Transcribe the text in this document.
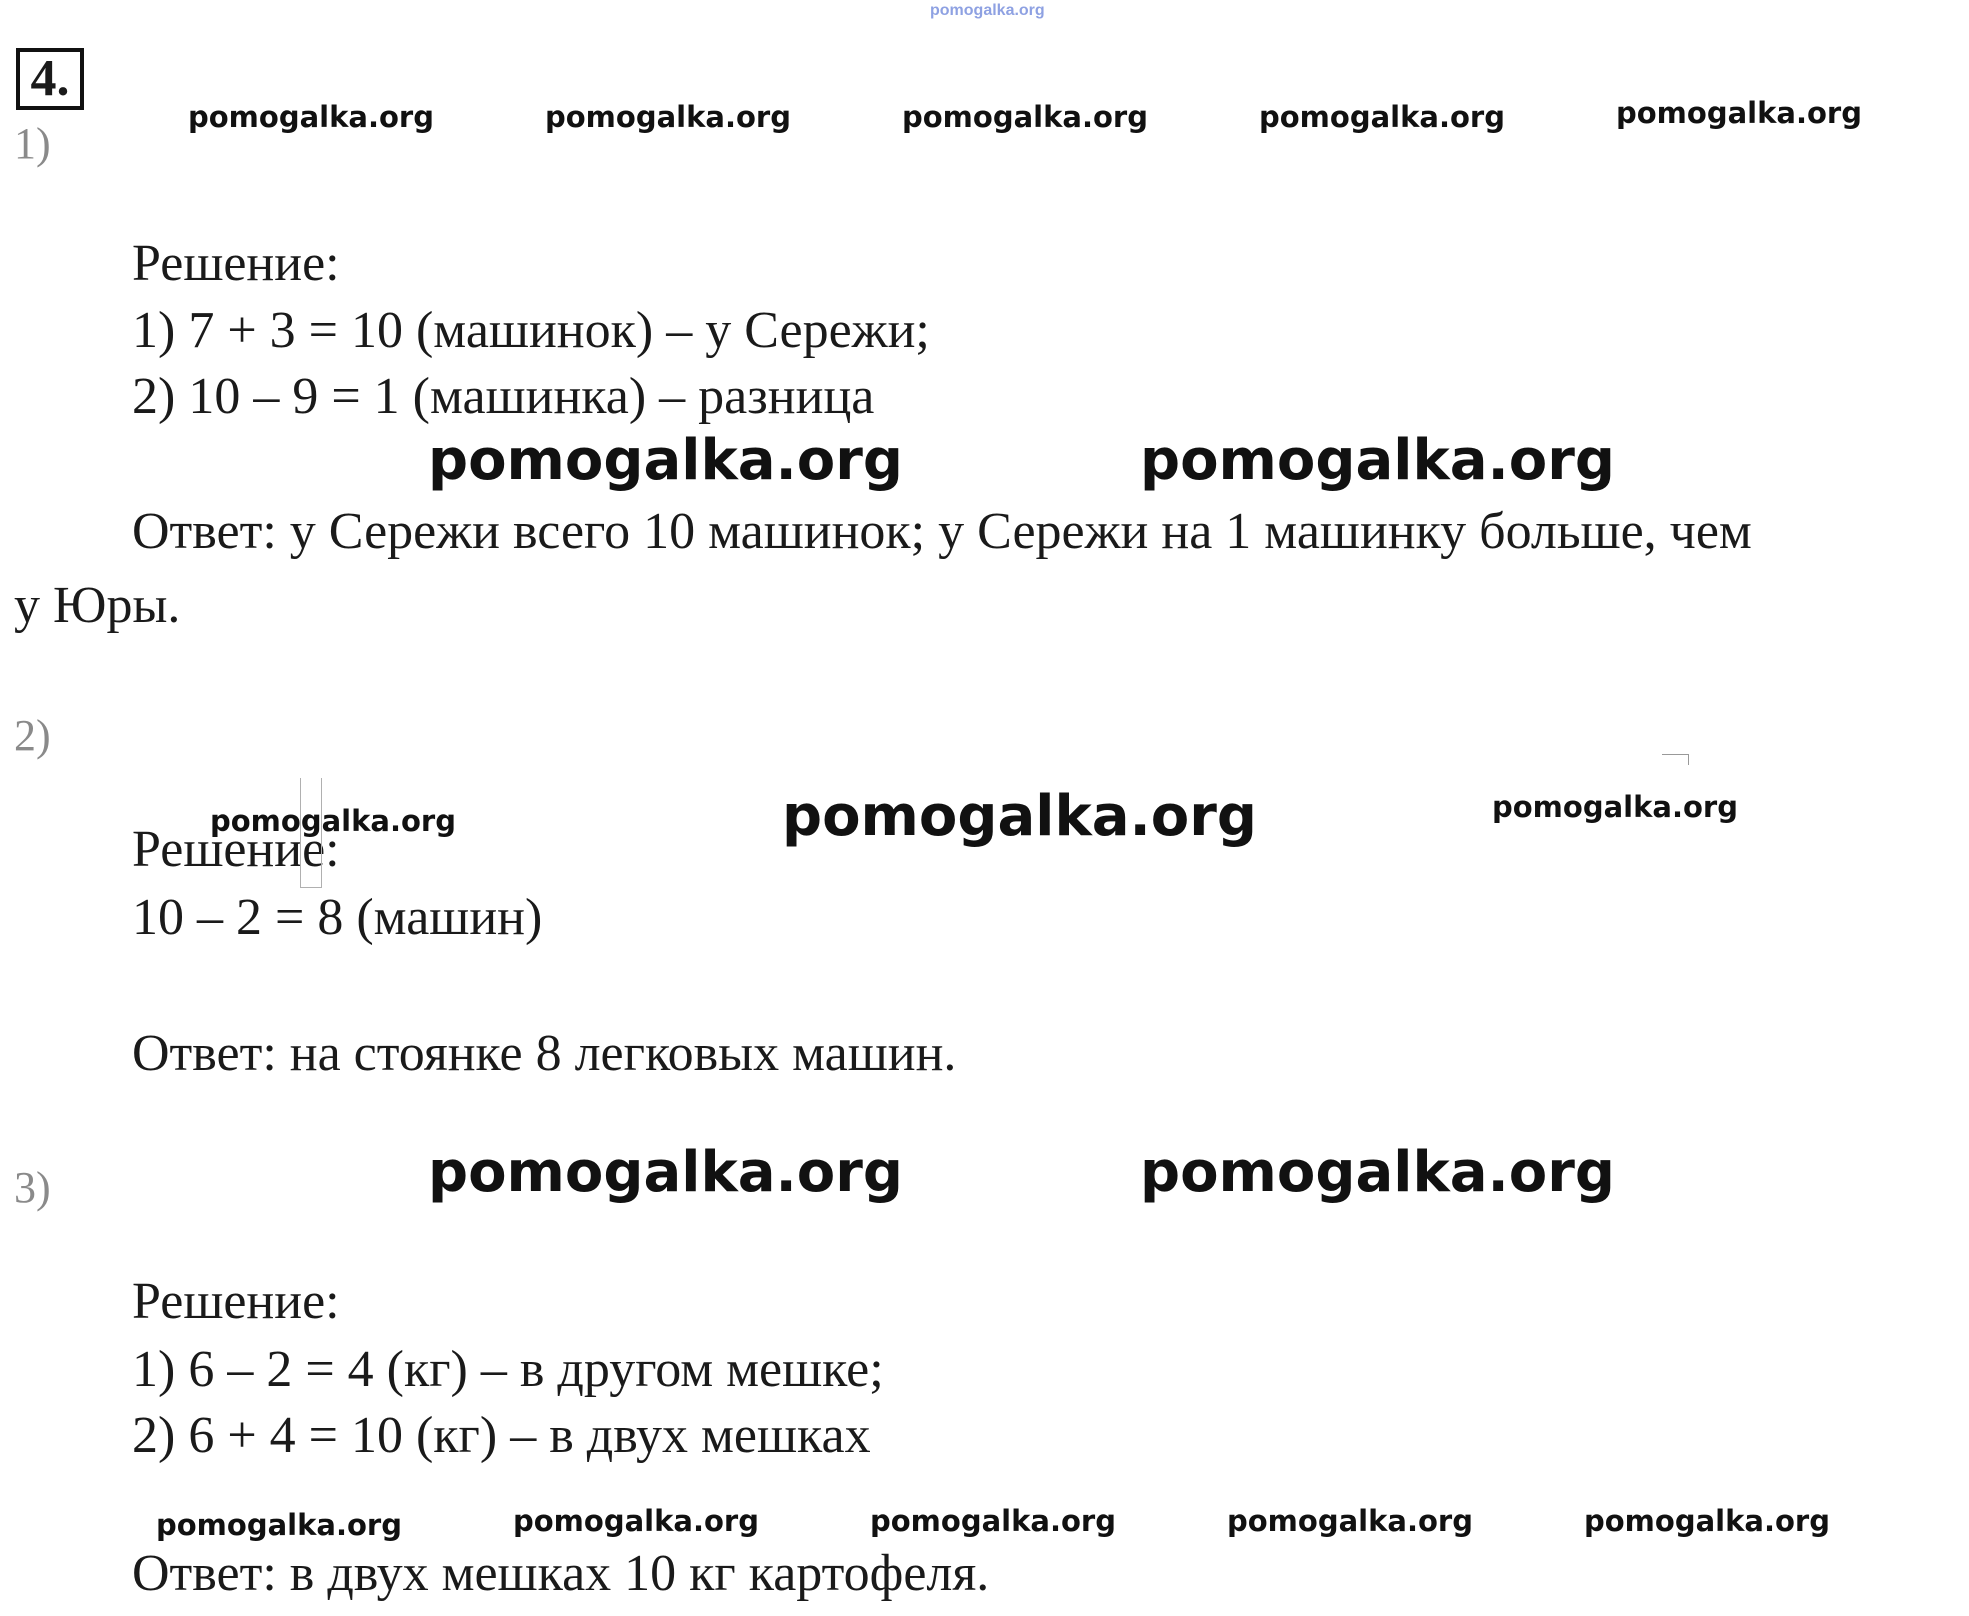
pomogalka.org
4.
pomogalka.org	pomogalka.org	pomogalka.org	pomogalka.org	pomogalka.org
1)
Решение:
1) 7 + 3 = 10 (машинок) – у Сережи;
2) 10 – 9 = 1 (машинка) – разница
pomogalka.org	pomogalka.org
Ответ: у Сережи всего 10 машинок; у Сережи на 1 машинку больше, чем
у Юры.
2)
pomogalka.org	pomogalka.org
Решение:
pomogalka.org
10 – 2 = 8 (машин)
Ответ: на стоянке 8 легковых машин.
3)	pomogalka.org	pomogalka.org
Решение:
1) 6 – 2 = 4 (кг) – в другом мешке;
2) 6 + 4 = 10 (кг) – в двух мешках
pomogalka.org	pomogalka.org	pomogalka.org	pomogalka.org	pomogalka.org
Ответ: в двух мешках 10 кг картофеля.
